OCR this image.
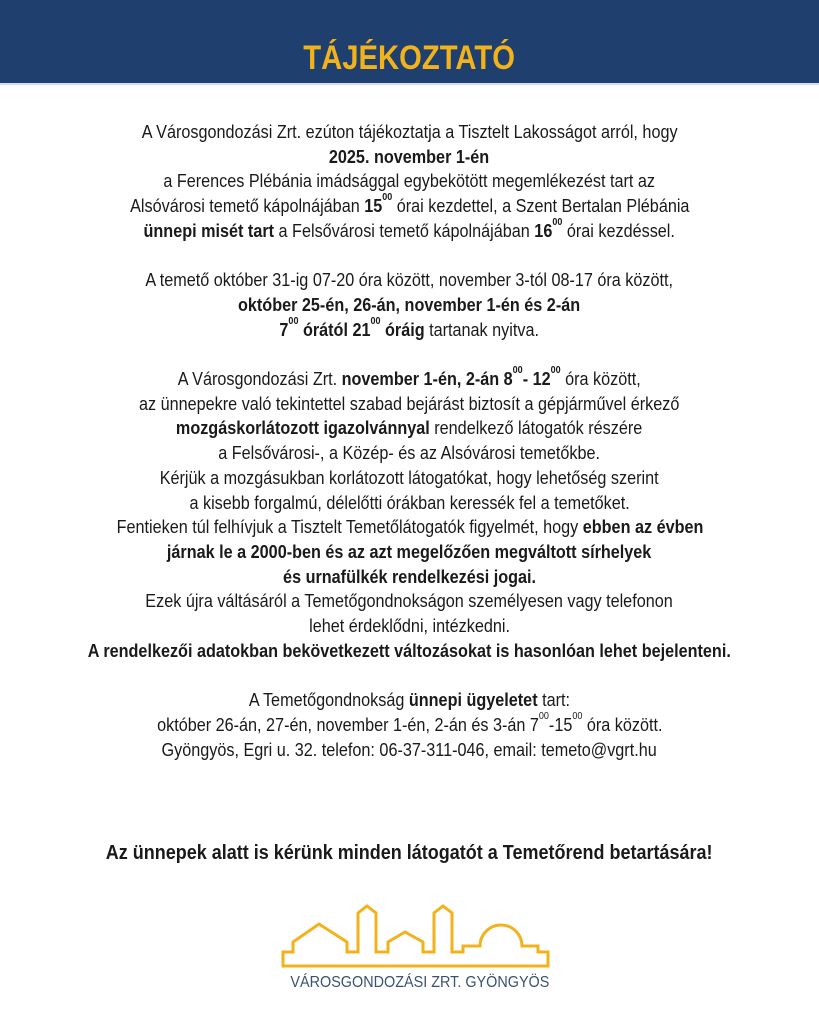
TÁJÉKOZTATÓ
A Városgondozási Zrt. ezúton tájékoztatja a Tisztelt Lakosságot arról, hogy
2025. november 1-én
a Ferences Plébánia imádsággal egybekötött megemlékezést tart az
Alsóvárosi temető kápolnájában $15^{00}$ órai kezdettel, a Szent Bertalan Plébánia
ünnepi misét tart a Felsővárosi temető kápolnájában $16^{00}$ órai kezdéssel.
A temető október 31-ig 07-20 óra között, november 3-tól 08-17 óra között,
október 25-én, 26-án, november 1-én és 2-án
$7^{00}$ órától $21^{00}$ óráig tartanak nyitva.
A Városgondozási Zrt. november 1-én, 2-án $8^{00}-$ $12^{00}$ óra között,
az ünnepekre való tekintettel szabad bejárást biztosít a gépjárművel érkező
mozgáskorlátozott igazolvánnyal rendelkező látogatók részére
a Felsővárosi-, a Közép- és az Alsóvárosi temetőkbe.
Kérjük a mozgásukban korlátozott látogatókat, hogy lehetőség szerint
a kisebb forgalmú, délelőtti órákban keressék fel a temetőket.
Fentieken túl felhívjuk a Tisztelt Temetőlátogatók figyelmét, hogy ebben az évben
járnak le a 2000-ben és az azt megelőzően megváltott sírhelyek
és urnafülkék rendelkezési jogai.
Ezek újra váltásáról a Temetőgondnokságon személyesen vagy telefonon
lehet érdeklődni, intézkedni.
A rendelkezői adatokban bekövetkezett változásokat is hasonlóan lehet bejelenteni.
A Temetőgondnokság ünnepi ügyeletet tart:
október 26-án, 27-én, november 1-én, 2-án és 3-án $7^{00}-15^{00}$ óra között.
Gyöngyös, Egri u. 32. telefon: 06-37-311-046, email: temeto@vgrt.hu
Az ünnepek alatt is kérünk minden látogatót a Temetőrend betartására!
VÁROSGONDOZÁSI ZRT. GYÖNGYÖS
